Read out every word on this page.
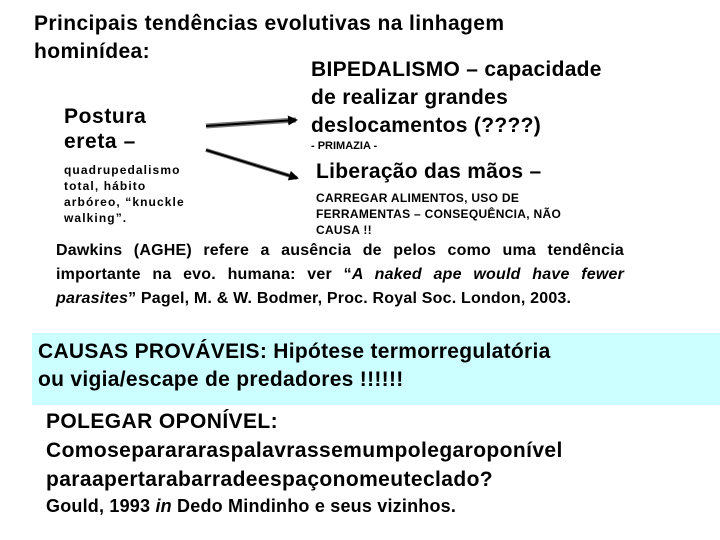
Principais tendências evolutivas na linhagem
hominídea:
Postura
ereta –
quadrupedalismo
total, hábito
arbóreo, “knuckle
walking”.
BIPEDALISMO – capacidade
de realizar grandes
deslocamentos (????)
- PRIMAZIA -
Liberação das mãos –
CARREGAR ALIMENTOS, USO DE
FERRAMENTAS – CONSEQUÊNCIA, NÃO
CAUSA !!
Dawkins (AGHE) refere a ausência de pelos como uma tendência importante na evo. humana: ver “A naked ape would have fewer parasites” Pagel, M. & W. Bodmer, Proc. Royal Soc. London, 2003.
CAUSAS PROVÁVEIS: Hipótese termorregulatória
ou vigia/escape de predadores !!!!!!
POLEGAR OPONÍVEL:
Comoseparararaspalavrassemumpolegaroponível
paraapertarabarradeespaçonomeuteclado?
Gould, 1993 in Dedo Mindinho e seus vizinhos.
